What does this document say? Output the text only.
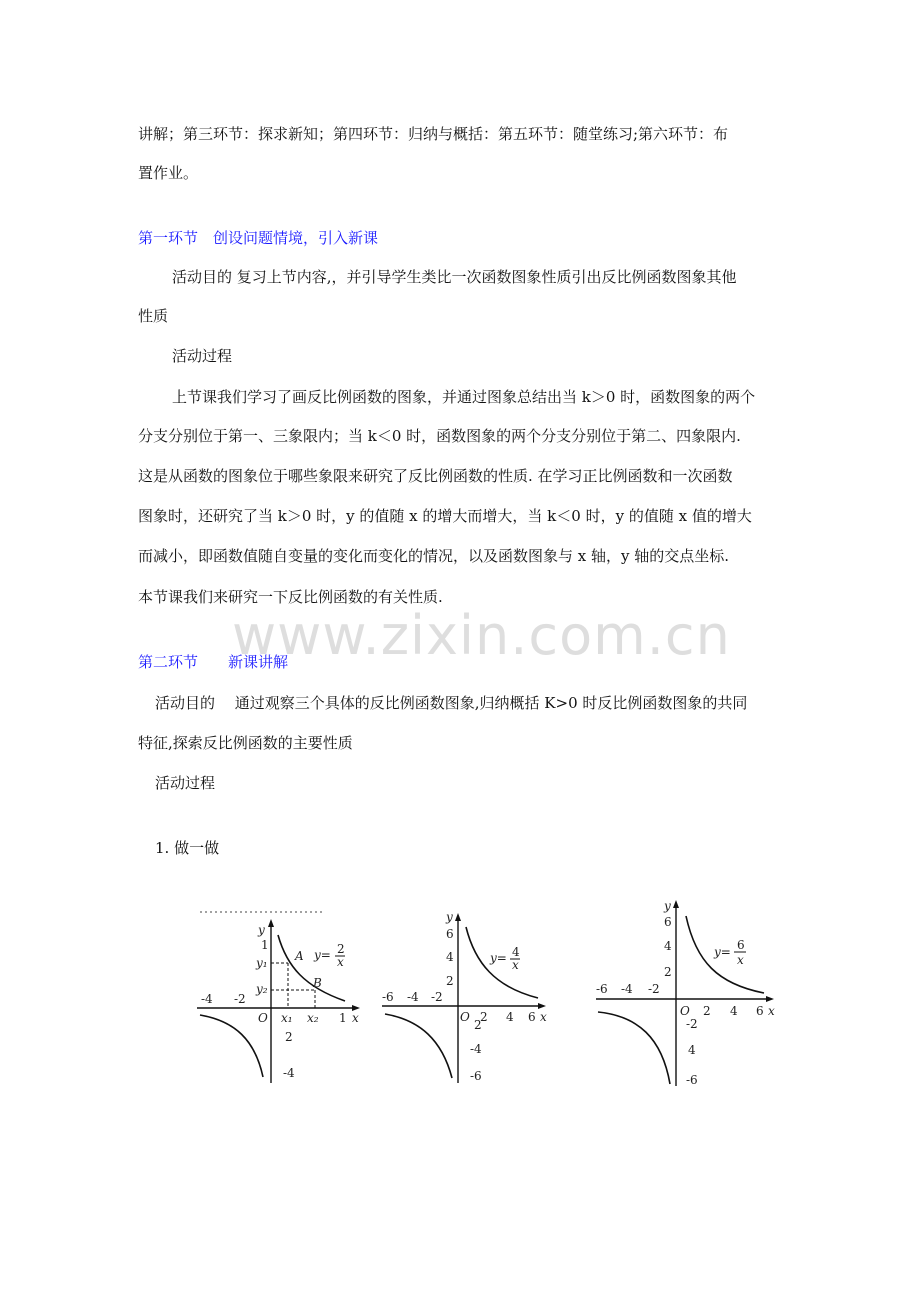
讲解；第三环节：探求新知；第四环节：归纳与概括：第五环节：随堂练习;第六环节：布
置作业。
第一环节　创设问题情境，引入新课
活动目的 复习上节内容,，并引导学生类比一次函数图象性质引出反比例函数图象其他
性质
活动过程
上节课我们学习了画反比例函数的图象，并通过图象总结出当 k＞0 时，函数图象的两个
分支分别位于第一、三象限内；当 k＜0 时，函数图象的两个分支分别位于第二、四象限内.
这是从函数的图象位于哪些象限来研究了反比例函数的性质. 在学习正比例函数和一次函数
图象时，还研究了当 k＞0 时，y 的值随 x 的增大而增大，当 k＜0 时，y 的值随 x 值的增大
而减小，即函数值随自变量的变化而变化的情况，以及函数图象与 x 轴，y 轴的交点坐标.
本节课我们来研究一下反比例函数的有关性质.
www.zixin.com.cn
第二环节　　新课讲解
活动目的　 通过观察三个具体的反比例函数图象,归纳概括 K>0 时反比例函数图象的共同
特征,探索反比例函数的主要性质
活动过程
1. 做一做
y
1
y₁
y₂
2
-4
-4 -2
O x₁ x₂ 1 x
A
B
y= 2
x
y
6
4
2
2
-4
-6
-6 -4 -2
O 2 4 6 x
y= 4
x
y
6
4
2
-2
4
-6
-6 -4 -2
O 2 4 6 x
y= 6
x
